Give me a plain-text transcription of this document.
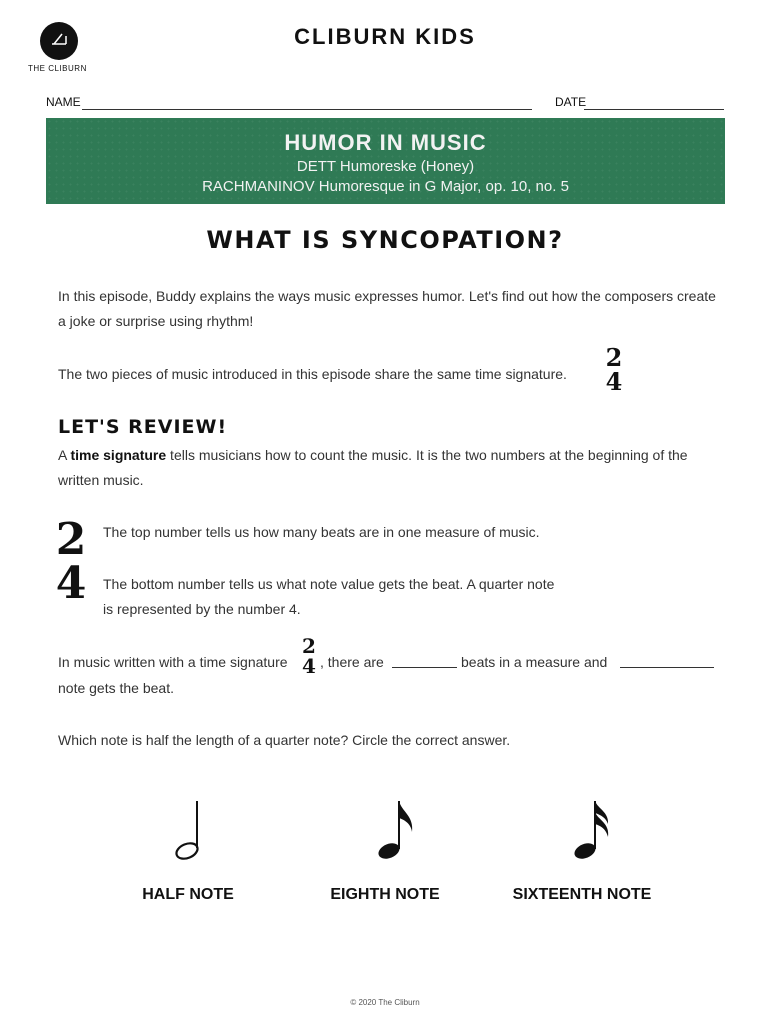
THE CLIBURN
CLIBURN KIDS
NAME	DATE
HUMOR IN MUSIC
DETT Humoreske (Honey)
RACHMANINOV Humoresque in G Major, op. 10, no. 5
WHAT IS SYNCOPATION?
In this episode, Buddy explains the ways music expresses humor. Let's find out how the composers create a joke or surprise using rhythm!
The two pieces of music introduced in this episode share the same time signature.
2
4
LET'S REVIEW!
A time signature tells musicians how to count the music. It is the two numbers at the beginning of the written music.
2
4
The top number tells us how many beats are in one measure of music.
The bottom number tells us what note value gets the beat. A quarter note
is represented by the number 4.
In music written with a time signature
2
4 , there are	beats in a measure and
note gets the beat.
Which note is half the length of a quarter note? Circle the correct answer.
HALF NOTE	EIGHTH NOTE	SIXTEENTH NOTE
© 2020 The Cliburn
